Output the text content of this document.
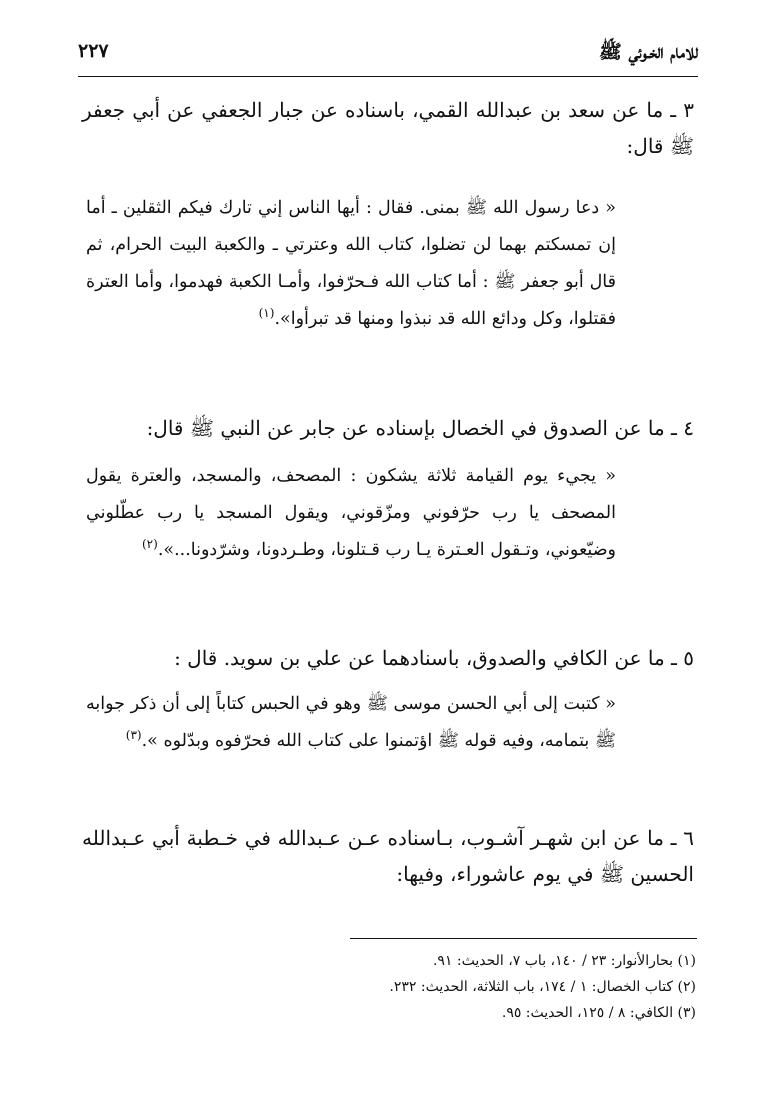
للامام الخـوئي ﷺ
٢٢٧

٣ ـ ما عن سعد بن عبدالله القمي، باسناده عن جبار الجعفي عن أبي جعفر ﷺ قال:

« دعا رسول الله ﷺ بمنى. فقال : أيها الناس إني تارك فيكم الثقلين ـ أما إن تمسكتم بهما لن تضلوا، كتاب الله وعترتي ـ والكعبة البيت الحرام، ثم قال أبو جعفر ﷺ : أما كتاب الله فـحرّفوا، وأمـا الكعبة فهدموا، وأما العترة فقتلوا، وكل ودائع الله قد نبذوا ومنها قد تبرأوا».$^{(١)}$

٤ ـ ما عن الصدوق في الخصال بإسناده عن جابر عن النبي ﷺ قال:

« يجيء يوم القيامة ثلاثة يشكون : المصحف، والمسجد، والعترة يقول المصحف يا رب حرّفوني ومزّقوني، ويقول المسجد يا رب عطّلوني وضيّعوني، وتـقول العـترة يـا رب قـتلونا، وطـردونا، وشرّدونا...».$^{(٢)}$

٥ ـ ما عن الكافي والصدوق، باسنادهما عن علي بن سويد. قال :

« كتبت إلى أبي الحسن موسى ﷺ وهو في الحبس كتاباً إلى أن ذكر جوابه ﷺ بتمامه، وفيه قوله ﷺ اؤتمنوا على كتاب الله فحرّفوه وبدّلوه ».$^{(٣)}$

٦ ـ ما عن ابن شهـر آشـوب، بـاسناده عـن عـبدالله في خـطبة أبي عـبدالله الحسين ﷺ في يوم عاشوراء، وفيها:

(١) بحارالأنوار: ٢٣ / ١٤٠، باب ٧، الحديث: ٩١.
(٢) كتاب الخصال: ١ / ١٧٤، باب الثلاثة، الحديث: ٢٣٢.
(٣) الكافي: ٨ / ١٢٥، الحديث: ٩٥.
